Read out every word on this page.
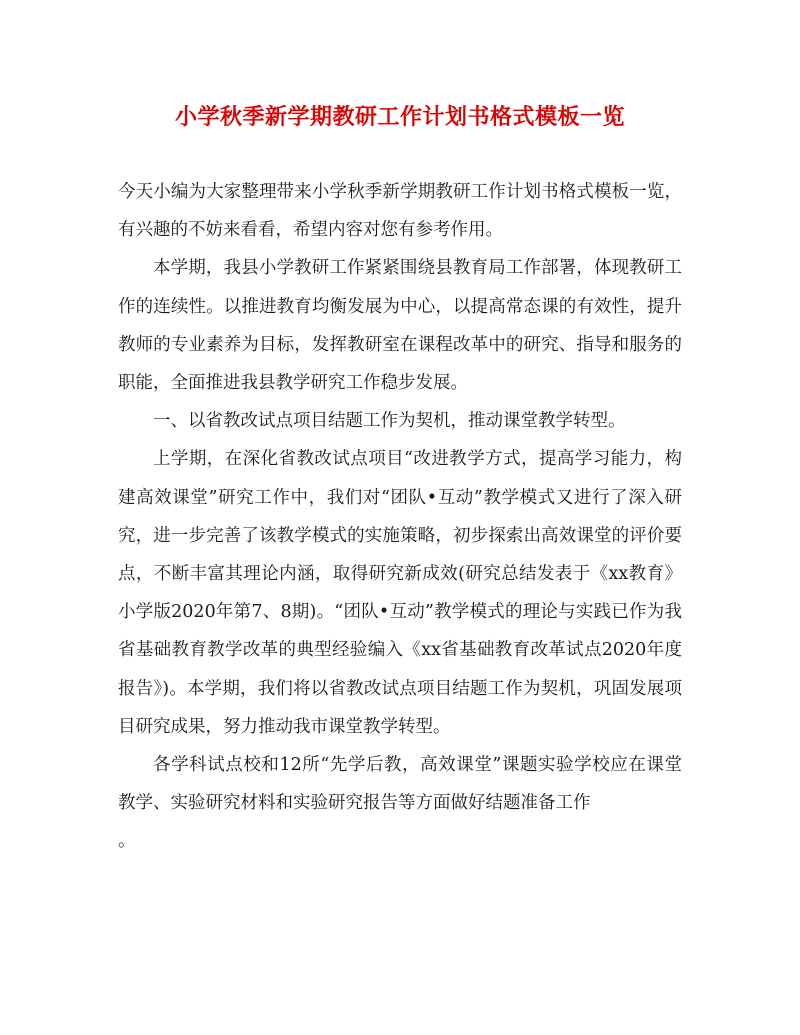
小学秋季新学期教研工作计划书格式模板一览

今天小编为大家整理带来小学秋季新学期教研工作计划书格式模板一览，有兴趣的不妨来看看，希望内容对您有参考作用。

本学期，我县小学教研工作紧紧围绕县教育局工作部署，体现教研工作的连续性。以推进教育均衡发展为中心，以提高常态课的有效性，提升教师的专业素养为目标，发挥教研室在课程改革中的研究、指导和服务的职能，全面推进我县教学研究工作稳步发展。

一、以省教改试点项目结题工作为契机，推动课堂教学转型。

上学期，在深化省教改试点项目“改进教学方式，提高学习能力，构建高效课堂”研究工作中，我们对“团队•互动”教学模式又进行了深入研究，进一步完善了该教学模式的实施策略，初步探索出高效课堂的评价要点，不断丰富其理论内涵，取得研究新成效(研究总结发表于《xx教育》小学版2020年第7、8期)。“团队•互动”教学模式的理论与实践已作为我省基础教育教学改革的典型经验编入《xx省基础教育改革试点2020年度报告》)。本学期，我们将以省教改试点项目结题工作为契机，巩固发展项目研究成果，努力推动我市课堂教学转型。

各学科试点校和12所“先学后教，高效课堂”课题实验学校应在课堂教学、实验研究材料和实验研究报告等方面做好结题准备工作

。
